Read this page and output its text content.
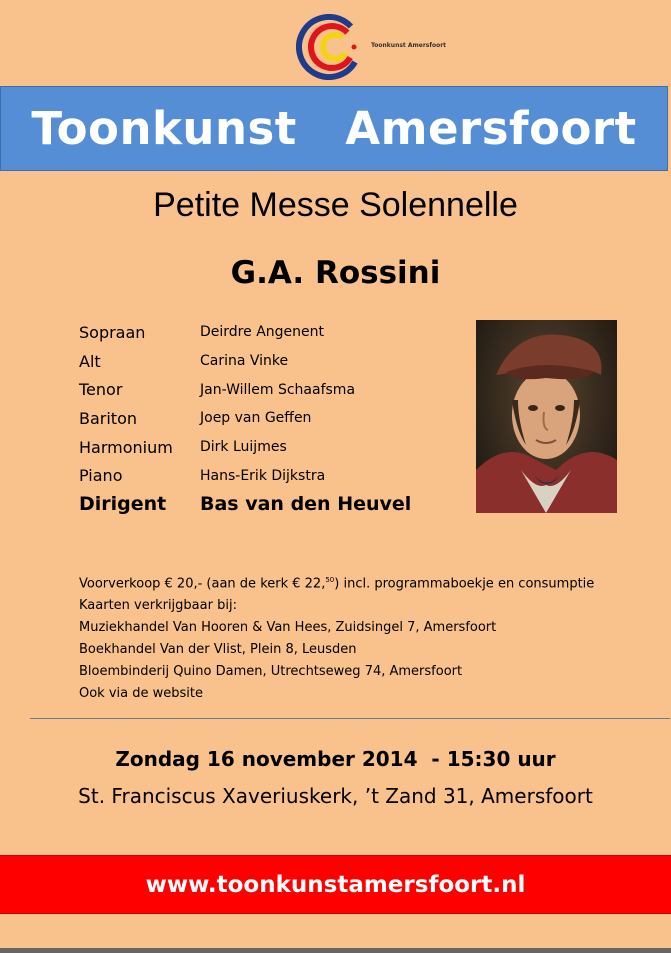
Toonkunst Amersfoort
Toonkunst   Amersfoort
Petite Messe Solennelle
G.A. Rossini
Sopraan	Deirdre Angenent
Alt	Carina Vinke
Tenor	Jan-Willem Schaafsma
Bariton	Joep van Geffen
Harmonium	Dirk Luijmes
Piano	Hans-Erik Dijkstra
Dirigent	Bas van den Heuvel
Voorverkoop € 20,- (aan de kerk € 22,50) incl. programmaboekje en consumptie
Kaarten verkrijgbaar bij:
Muziekhandel Van Hooren & Van Hees, Zuidsingel 7, Amersfoort
Boekhandel Van der Vlist, Plein 8, Leusden
Bloembinderij Quino Damen, Utrechtseweg 74, Amersfoort
Ook via de website
Zondag 16 november 2014  - 15:30 uur
St. Franciscus Xaveriuskerk, ’t Zand 31, Amersfoort
www.toonkunstamersfoort.nl
